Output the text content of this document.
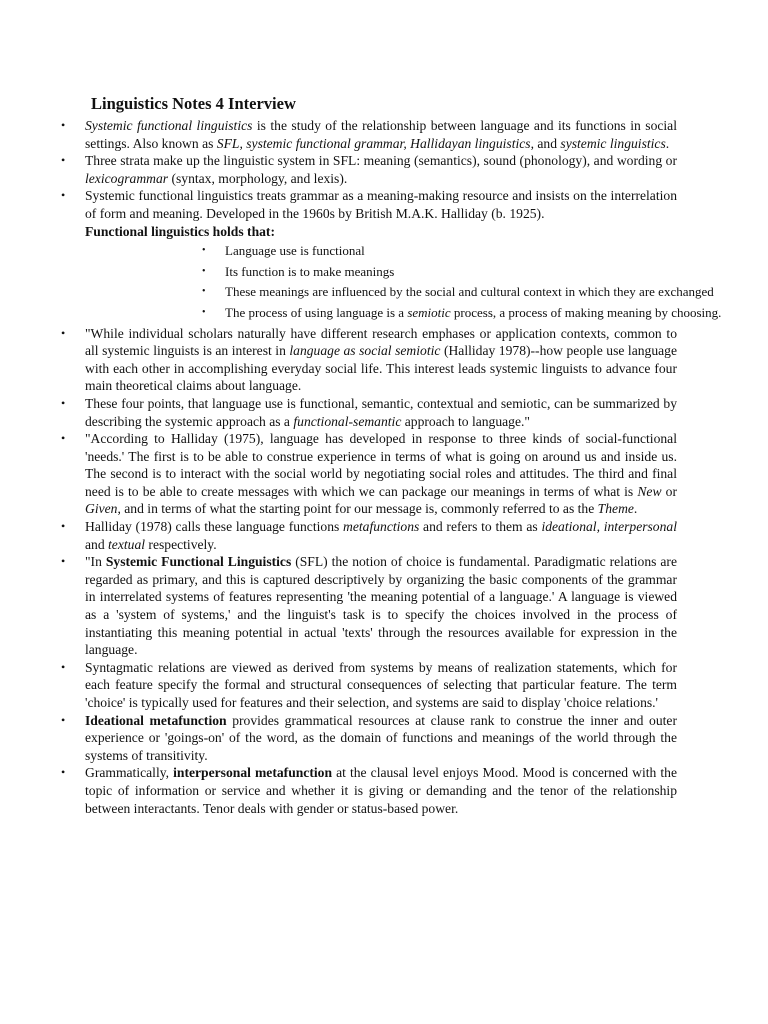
Linguistics Notes 4 Interview
• Systemic functional linguistics is the study of the relationship between language and its functions in social settings. Also known as SFL, systemic functional grammar, Hallidayan linguistics, and systemic linguistics.
• Three strata make up the linguistic system in SFL: meaning (semantics), sound (phonology), and wording or lexicogrammar (syntax, morphology, and lexis).
• Systemic functional linguistics treats grammar as a meaning-making resource and insists on the interrelation of form and meaning. Developed in the 1960s by British M.A.K. Halliday (b. 1925).
Functional linguistics holds that:
• Language use is functional
• Its function is to make meanings
• These meanings are influenced by the social and cultural context in which they are exchanged
• The process of using language is a semiotic process, a process of making meaning by choosing.
• "While individual scholars naturally have different research emphases or application contexts, common to all systemic linguists is an interest in language as social semiotic (Halliday 1978)--how people use language with each other in accomplishing everyday social life. This interest leads systemic linguists to advance four main theoretical claims about language.
• These four points, that language use is functional, semantic, contextual and semiotic, can be summarized by describing the systemic approach as a functional-semantic approach to language."
• "According to Halliday (1975), language has developed in response to three kinds of social-functional 'needs.' The first is to be able to construe experience in terms of what is going on around us and inside us. The second is to interact with the social world by negotiating social roles and attitudes. The third and final need is to be able to create messages with which we can package our meanings in terms of what is New or Given, and in terms of what the starting point for our message is, commonly referred to as the Theme.
• Halliday (1978) calls these language functions metafunctions and refers to them as ideational, interpersonal and textual respectively.
• "In Systemic Functional Linguistics (SFL) the notion of choice is fundamental. Paradigmatic relations are regarded as primary, and this is captured descriptively by organizing the basic components of the grammar in interrelated systems of features representing 'the meaning potential of a language.' A language is viewed as a 'system of systems,' and the linguist's task is to specify the choices involved in the process of instantiating this meaning potential in actual 'texts' through the resources available for expression in the language.
• Syntagmatic relations are viewed as derived from systems by means of realization statements, which for each feature specify the formal and structural consequences of selecting that particular feature. The term 'choice' is typically used for features and their selection, and systems are said to display 'choice relations.'
• Ideational metafunction provides grammatical resources at clause rank to construe the inner and outer experience or 'goings-on' of the word, as the domain of functions and meanings of the world through the systems of transitivity.
• Grammatically, interpersonal metafunction at the clausal level enjoys Mood. Mood is concerned with the topic of information or service and whether it is giving or demanding and the tenor of the relationship between interactants. Tenor deals with gender or status-based power.
